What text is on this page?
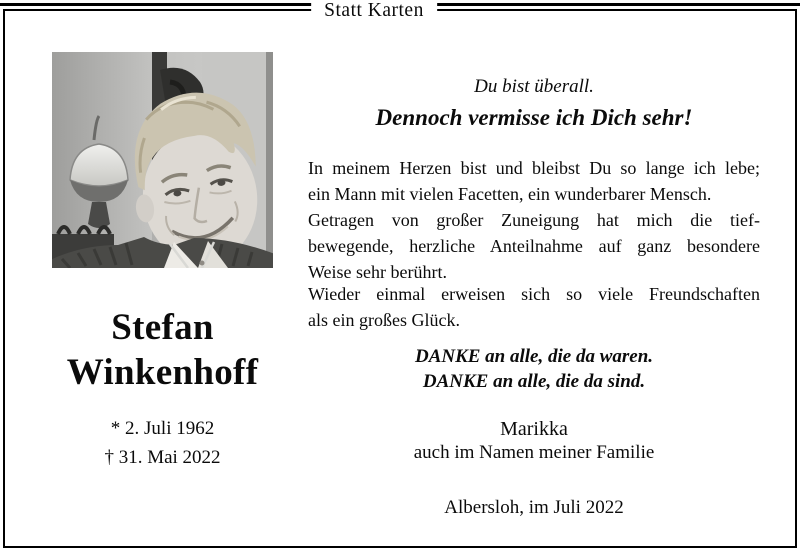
Statt Karten
Stefan
Winkenhoff
* 2. Juli 1962
† 31. Mai 2022
Du bist überall.
Dennoch vermisse ich Dich sehr!
In meinem Herzen bist und bleibst Du so lange ich lebe;
ein Mann mit vielen Facetten, ein wunderbarer Mensch.
Getragen von großer Zuneigung hat mich die tief-
bewegende, herzliche Anteilnahme auf ganz besondere
Weise sehr berührt.
Wieder einmal erweisen sich so viele Freundschaften
als ein großes Glück.
DANKE an alle, die da waren.
DANKE an alle, die da sind.
Marikka
auch im Namen meiner Familie
Albersloh, im Juli 2022
